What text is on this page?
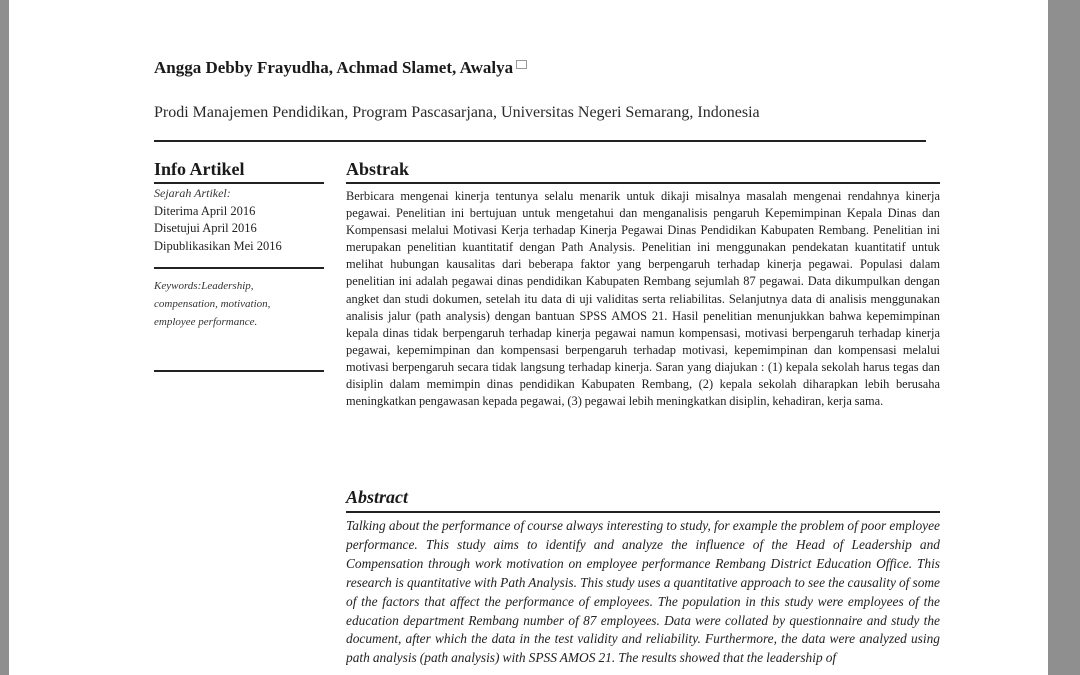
Angga Debby Frayudha, Achmad Slamet, Awalya
Prodi Manajemen Pendidikan, Program Pascasarjana, Universitas Negeri Semarang, Indonesia
Info Artikel
Sejarah Artikel:
Diterima April 2016
Disetujui April 2016
Dipublikasikan Mei 2016
Keywords:Leadership, compensation, motivation, employee performance.
Abstrak
Berbicara mengenai kinerja tentunya selalu menarik untuk dikaji misalnya masalah mengenai rendahnya kinerja pegawai. Penelitian ini bertujuan untuk mengetahui dan menganalisis pengaruh Kepemimpinan Kepala Dinas dan Kompensasi melalui Motivasi Kerja terhadap Kinerja Pegawai Dinas Pendidikan Kabupaten Rembang. Penelitian ini merupakan penelitian kuantitatif dengan Path Analysis. Penelitian ini menggunakan pendekatan kuantitatif untuk melihat hubungan kausalitas dari beberapa faktor yang berpengaruh terhadap kinerja pegawai. Populasi dalam penelitian ini adalah pegawai dinas pendidikan Kabupaten Rembang sejumlah 87 pegawai. Data dikumpulkan dengan angket dan studi dokumen, setelah itu data di uji validitas serta reliabilitas. Selanjutnya data di analisis menggunakan analisis jalur (path analysis) dengan bantuan SPSS AMOS 21. Hasil penelitian menunjukkan bahwa kepemimpinan kepala dinas tidak berpengaruh terhadap kinerja pegawai namun kompensasi, motivasi berpengaruh terhadap kinerja pegawai, kepemimpinan dan kompensasi berpengaruh terhadap motivasi, kepemimpinan dan kompensasi melalui motivasi berpengaruh secara tidak langsung terhadap kinerja. Saran yang diajukan : (1) kepala sekolah harus tegas dan disiplin dalam memimpin dinas pendidikan Kabupaten Rembang, (2) kepala sekolah diharapkan lebih berusaha meningkatkan pengawasan kepada pegawai, (3) pegawai lebih meningkatkan disiplin, kehadiran, kerja sama.
Abstract
Talking about the performance of course always interesting to study, for example the problem of poor employee performance. This study aims to identify and analyze the influence of the Head of Leadership and Compensation through work motivation on employee performance Rembang District Education Office. This research is quantitative with Path Analysis. This study uses a quantitative approach to see the causality of some of the factors that affect the performance of employees. The population in this study were employees of the education department Rembang number of 87 employees. Data were collated by questionnaire and study the document, after which the data in the test validity and reliability. Furthermore, the data were analyzed using path analysis (path analysis) with SPSS AMOS 21. The results showed that the leadership of
